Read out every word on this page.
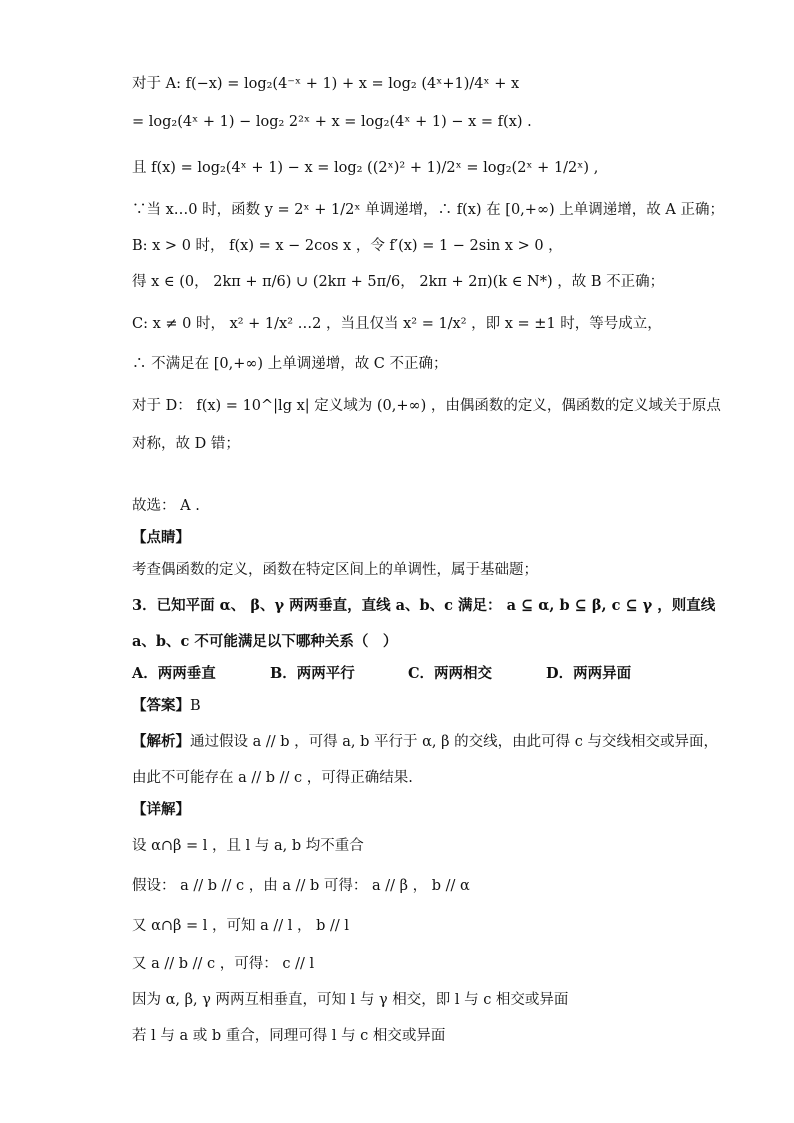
对于 A: f(−x) = log₂(4⁻ˣ + 1) + x = log₂ (4ˣ+1)/4ˣ + x
= log₂(4ˣ + 1) − log₂ 2²ˣ + x = log₂(4ˣ + 1) − x = f(x) .
且 f(x) = log₂(4ˣ + 1) − x = log₂ ((2ˣ)² + 1)/2ˣ = log₂(2ˣ + 1/2ˣ) ,
∵当 x…0 时，函数 y = 2ˣ + 1/2ˣ 单调递增，∴ f(x) 在 [0,+∞) 上单调递增，故 A 正确；
B: x > 0 时， f(x) = x − 2cos x ，令 f′(x) = 1 − 2sin x > 0 ，
得 x ∈ (0， 2kπ + π/6) ∪ (2kπ + 5π/6， 2kπ + 2π)(k ∈ N*) ，故 B 不正确；
C: x ≠ 0 时， x² + 1/x² …2 ，当且仅当 x² = 1/x² ，即 x = ±1 时，等号成立，
∴ 不满足在 [0,+∞) 上单调递增，故 C 不正确；
对于 D： f(x) = 10^|lg x| 定义域为 (0,+∞) ，由偶函数的定义，偶函数的定义域关于原点
对称，故 D 错；
故选： A .
【点睛】
考查偶函数的定义，函数在特定区间上的单调性，属于基础题；
3．已知平面 α、 β、γ 两两垂直，直线 a、b、c 满足： a ⊆ α, b ⊆ β, c ⊆ γ ，则直线
a、b、c 不可能满足以下哪种关系（　）
A．两两垂直	B．两两平行	C．两两相交	D．两两异面
【答案】B
【解析】通过假设 a // b ，可得 a, b 平行于 α, β 的交线，由此可得 c 与交线相交或异面，
由此不可能存在 a // b // c ，可得正确结果.
【详解】
设 α∩β = l ，且 l 与 a, b 均不重合
假设： a // b // c ，由 a // b 可得： a // β ， b // α
又 α∩β = l ，可知 a // l ， b // l
又 a // b // c ，可得： c // l
因为 α, β, γ 两两互相垂直，可知 l 与 γ 相交，即 l 与 c 相交或异面
若 l 与 a 或 b 重合，同理可得 l 与 c 相交或异面
